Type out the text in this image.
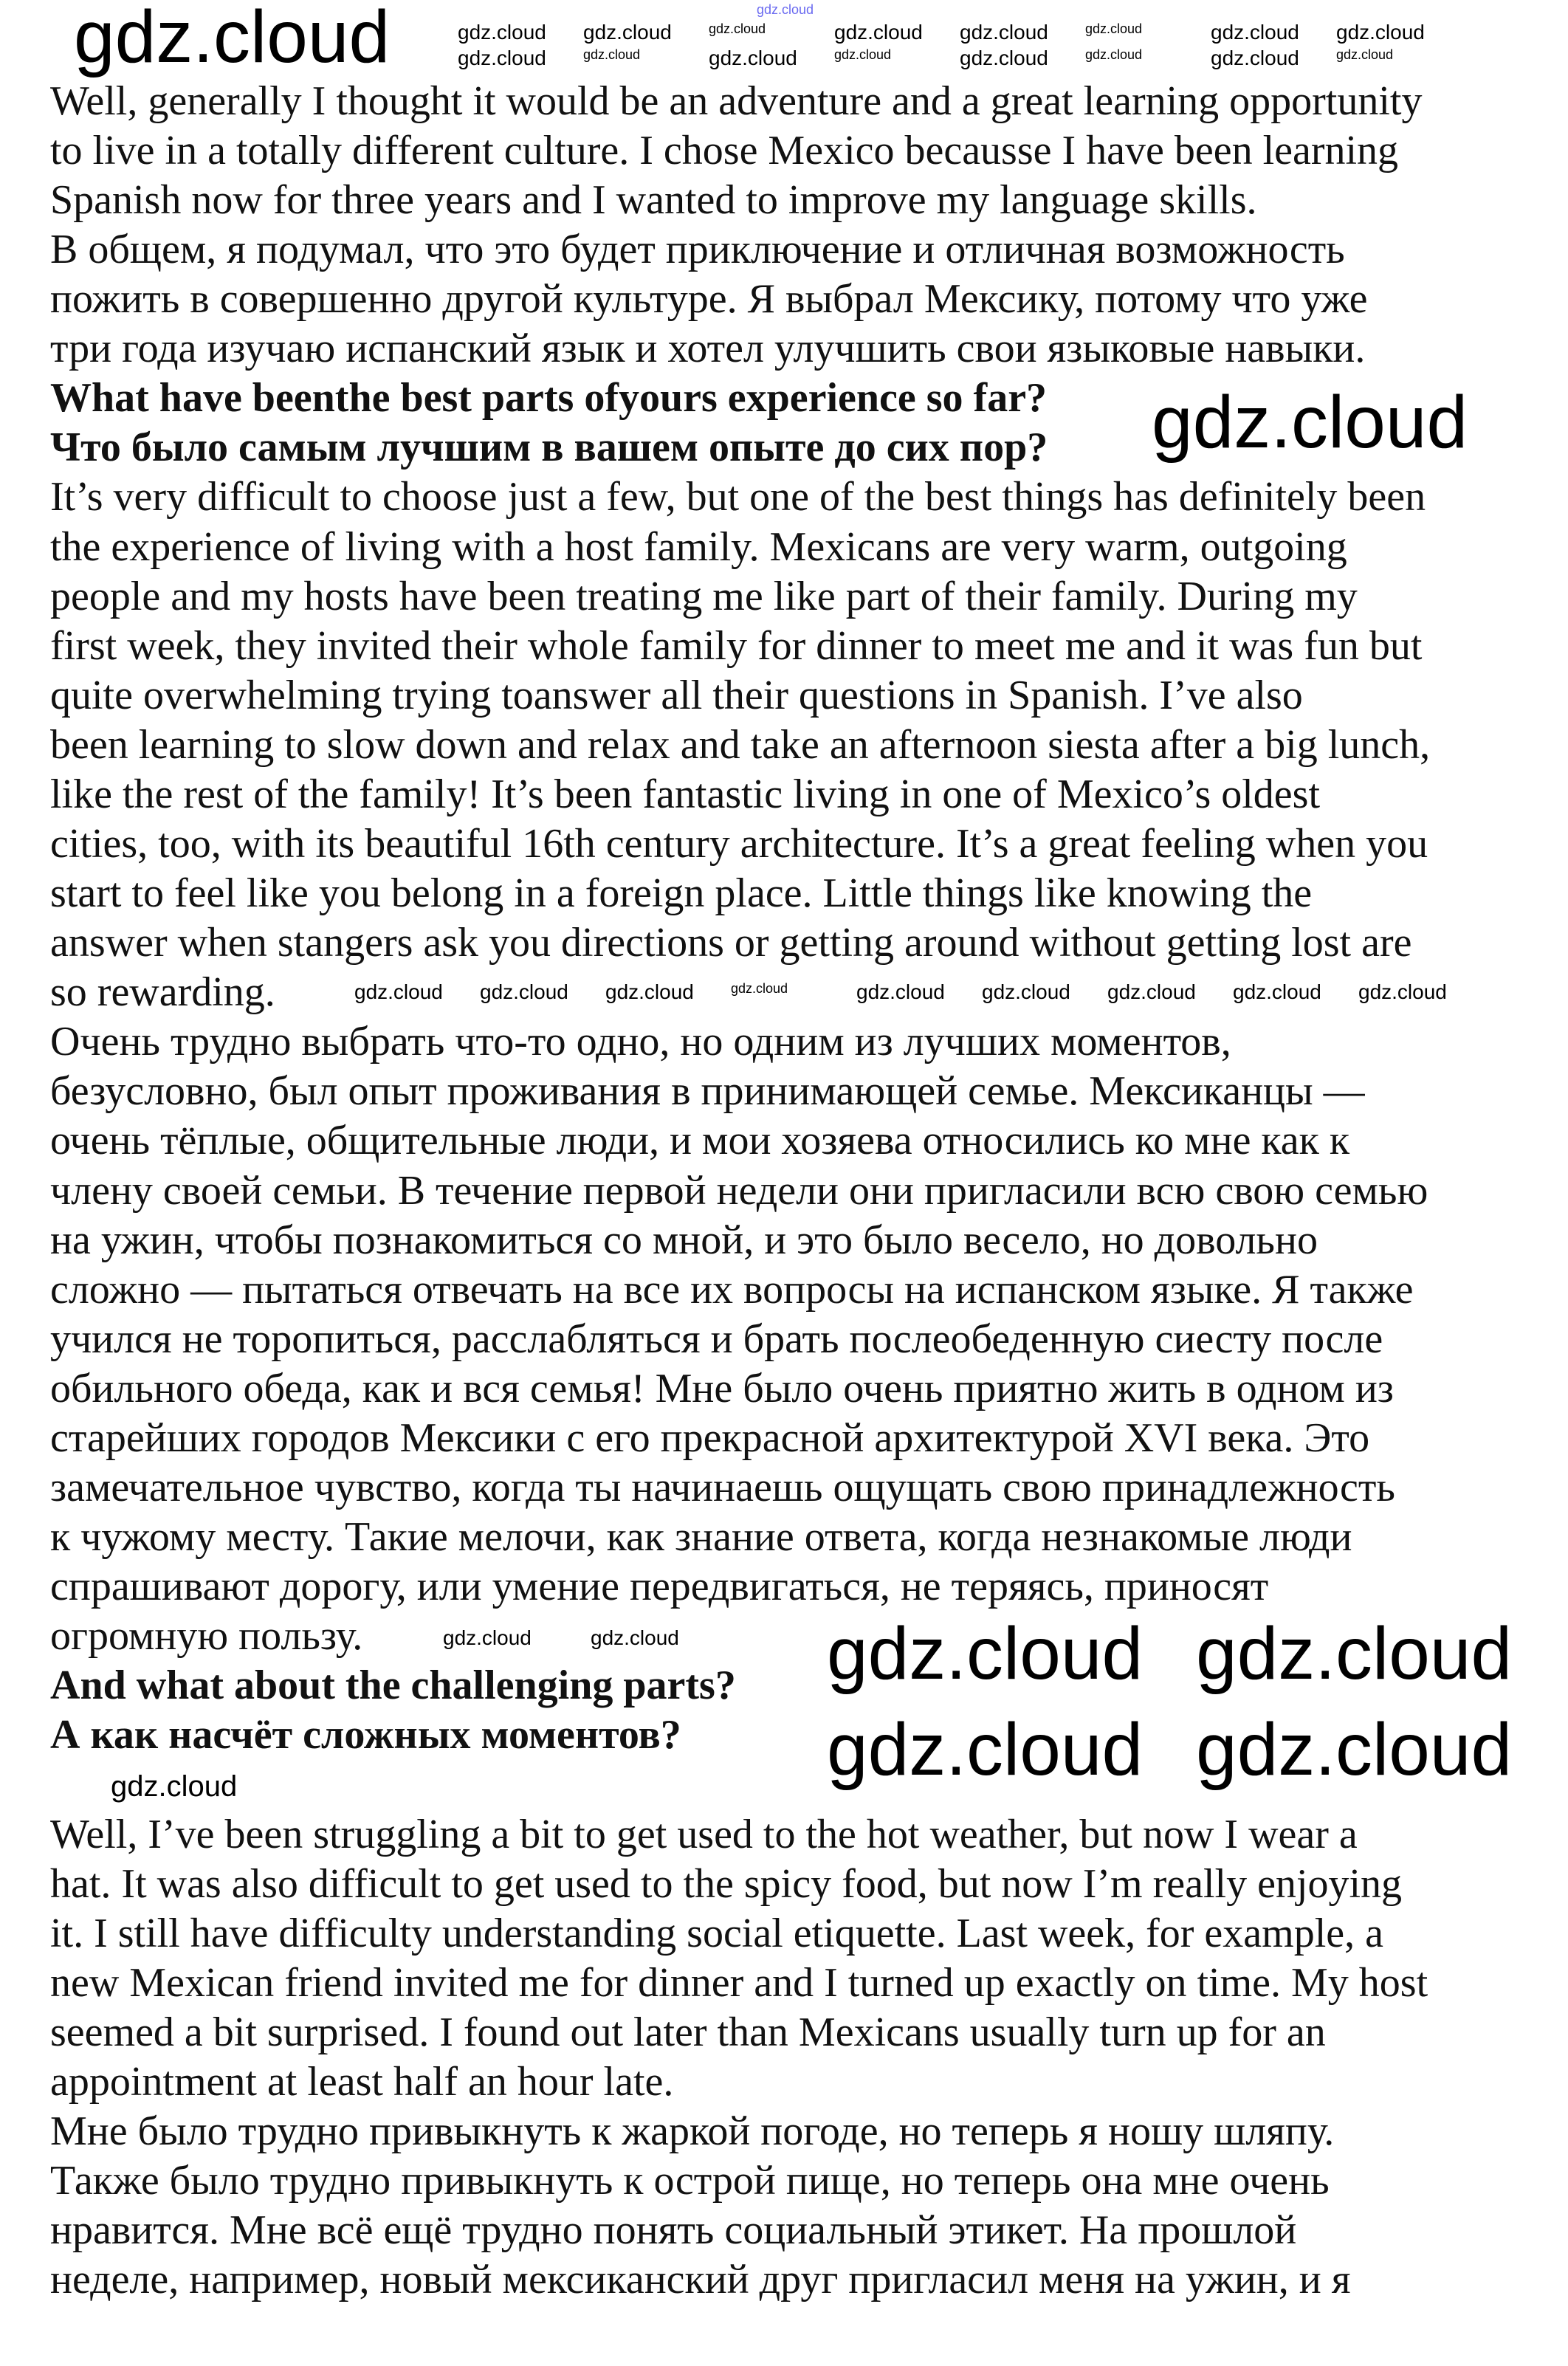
Well, generally I thought it would be an adventure and a great learning opportunity
to live in a totally different culture. I chose Mexico becausse I have been learning
Spanish now for three years and I wanted to improve my language skills.
В общем, я подумал, что это будет приключение и отличная возможность
пожить в совершенно другой культуре. Я выбрал Мексику, потому что уже
три года изучаю испанский язык и хотел улучшить свои языковые навыки.
What have beenthe best parts ofyours experience so far?
Что было самым лучшим в вашем опыте до сих пор?
It’s very difficult to choose just a few, but one of the best things has definitely been
the experience of living with a host family. Mexicans are very warm, outgoing
people and my hosts have been treating me like part of their family. During my
first week, they invited their whole family for dinner to meet me and it was fun but
quite overwhelming trying toanswer all their questions in Spanish. I’ve also
been learning to slow down and relax and take an afternoon siesta after a big lunch,
like the rest of the family! It’s been fantastic living in one of Mexico’s oldest
cities, too, with its beautiful 16th century architecture. It’s a great feeling when you
start to feel like you belong in a foreign place. Little things like knowing the
answer when stangers ask you directions or getting around without getting lost are
so rewarding.
Очень трудно выбрать что-то одно, но одним из лучших моментов,
безусловно, был опыт проживания в принимающей семье. Мексиканцы —
очень тёплые, общительные люди, и мои хозяева относились ко мне как к
члену своей семьи. В течение первой недели они пригласили всю свою семью
на ужин, чтобы познакомиться со мной, и это было весело, но довольно
сложно — пытаться отвечать на все их вопросы на испанском языке. Я также
учился не торопиться, расслабляться и брать послеобеденную сиесту после
обильного обеда, как и вся семья! Мне было очень приятно жить в одном из
старейших городов Мексики с его прекрасной архитектурой XVI века. Это
замечательное чувство, когда ты начинаешь ощущать свою принадлежность
к чужому месту. Такие мелочи, как знание ответа, когда незнакомые люди
спрашивают дорогу, или умение передвигаться, не теряясь, приносят
огромную пользу.
And what about the challenging parts?
А как насчёт сложных моментов?
Well, I’ve been struggling a bit to get used to the hot weather, but now I wear a
hat. It was also difficult to get used to the spicy food, but now I’m really enjoying
it. I still have difficulty understanding social etiquette. Last week, for example, a
new Mexican friend invited me for dinner and I turned up exactly on time. My host
seemed a bit surprised. I found out later than Mexicans usually turn up for an
appointment at least half an hour late.
Мне было трудно привыкнуть к жаркой погоде, но теперь я ношу шляпу.
Также было трудно привыкнуть к острой пище, но теперь она мне очень
нравится. Мне всё ещё трудно понять социальный этикет. На прошлой
неделе, например, новый мексиканский друг пригласил меня на ужин, и я
gdz.cloud
gdz.cloud	gdz.cloud gdz.cloud	gdz.cloud	gdz.cloud gdz.cloud	gdz.cloud	gdz.cloud gdz.cloud
gdz.cloud	gdz.cloud	gdz.cloud	gdz.cloud	gdz.cloud	gdz.cloud	gdz.cloud	gdz.cloud
gdz.cloud
gdz.cloud gdz.cloud gdz.cloud	gdz.cloud	gdz.cloud gdz.cloud gdz.cloud gdz.cloud gdz.cloud
gdz.cloud	gdz.cloud gdz.cloud gdz.cloud
gdz.cloud gdz.cloud
gdz.cloud
